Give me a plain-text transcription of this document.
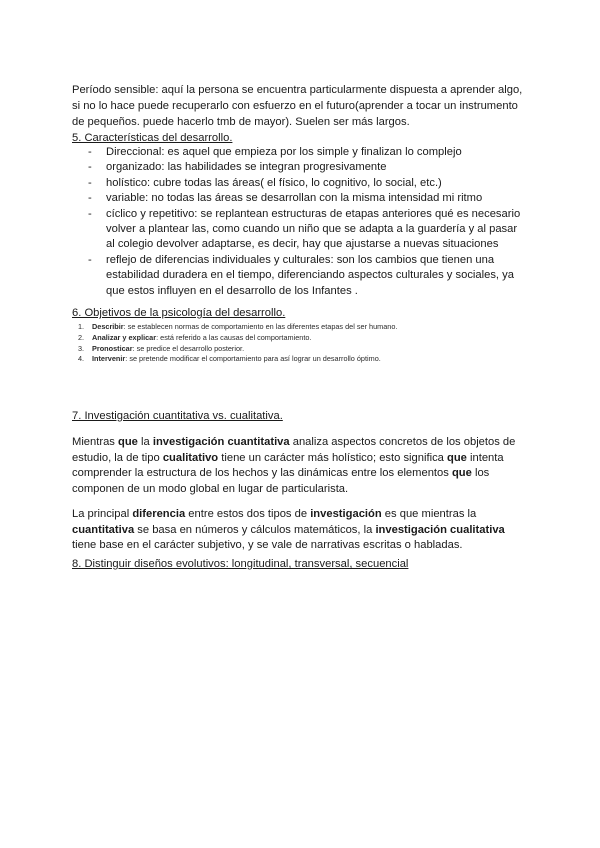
Período sensible: aquí la persona se encuentra particularmente dispuesta a aprender algo, si no lo hace puede recuperarlo con esfuerzo en el futuro(aprender a tocar un instrumento de pequeños. puede hacerlo tmb de mayor). Suelen ser más largos.

5. Características del desarrollo.
- Direccional: es aquel que empieza por los simple y finalizan lo complejo
- organizado: las habilidades se integran progresivamente
- holístico: cubre todas las áreas( el físico, lo cognitivo, lo social, etc.)
- variable: no todas las áreas se desarrollan con la misma intensidad mi ritmo
- cíclico y repetitivo: se replantean estructuras de etapas anteriores qué es necesario volver a plantear las, como cuando un niño que se adapta a la guardería y al pasar al colegio devolver adaptarse, es decir, hay que ajustarse a nuevas situaciones
- reflejo de diferencias individuales y culturales: son los cambios que tienen una estabilidad duradera en el tiempo, diferenciando aspectos culturales y sociales, ya que estos influyen en el desarrollo de los Infantes .
6. Objetivos de la psicología del desarrollo.
1. Describir: se establecen normas de comportamiento en las diferentes etapas del ser humano.
2. Analizar y explicar: está referido a las causas del comportamiento.
3. Pronosticar: se predice el desarrollo posterior.
4. Intervenir: se pretende modificar el comportamiento para así lograr un desarrollo óptimo.
7. Investigación cuantitativa vs. cualitativa.

Mientras que la investigación cuantitativa analiza aspectos concretos de los objetos de estudio, la de tipo cualitativo tiene un carácter más holístico; esto significa que intenta comprender la estructura de los hechos y las dinámicas entre los elementos que los componen de un modo global en lugar de particularista.

La principal diferencia entre estos dos tipos de investigación es que mientras la cuantitativa se basa en números y cálculos matemáticos, la investigación cualitativa tiene base en el carácter subjetivo, y se vale de narrativas escritas o habladas.

8. Distinguir diseños evolutivos: longitudinal, transversal, secuencial
